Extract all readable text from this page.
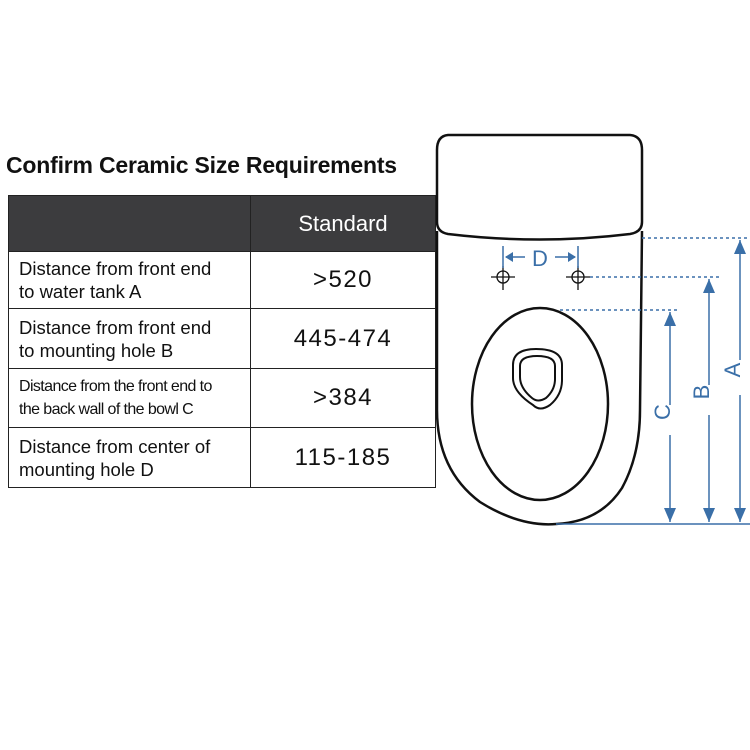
Confirm Ceramic Size Requirements
	Standard
Distance from front end
to water tank A	>520
Distance from front end
to mounting hole B	445-474
Distance from the front end to
the back wall of the bowl C	>384
Distance from center of
mounting hole D	115-185
D
A
B
C
